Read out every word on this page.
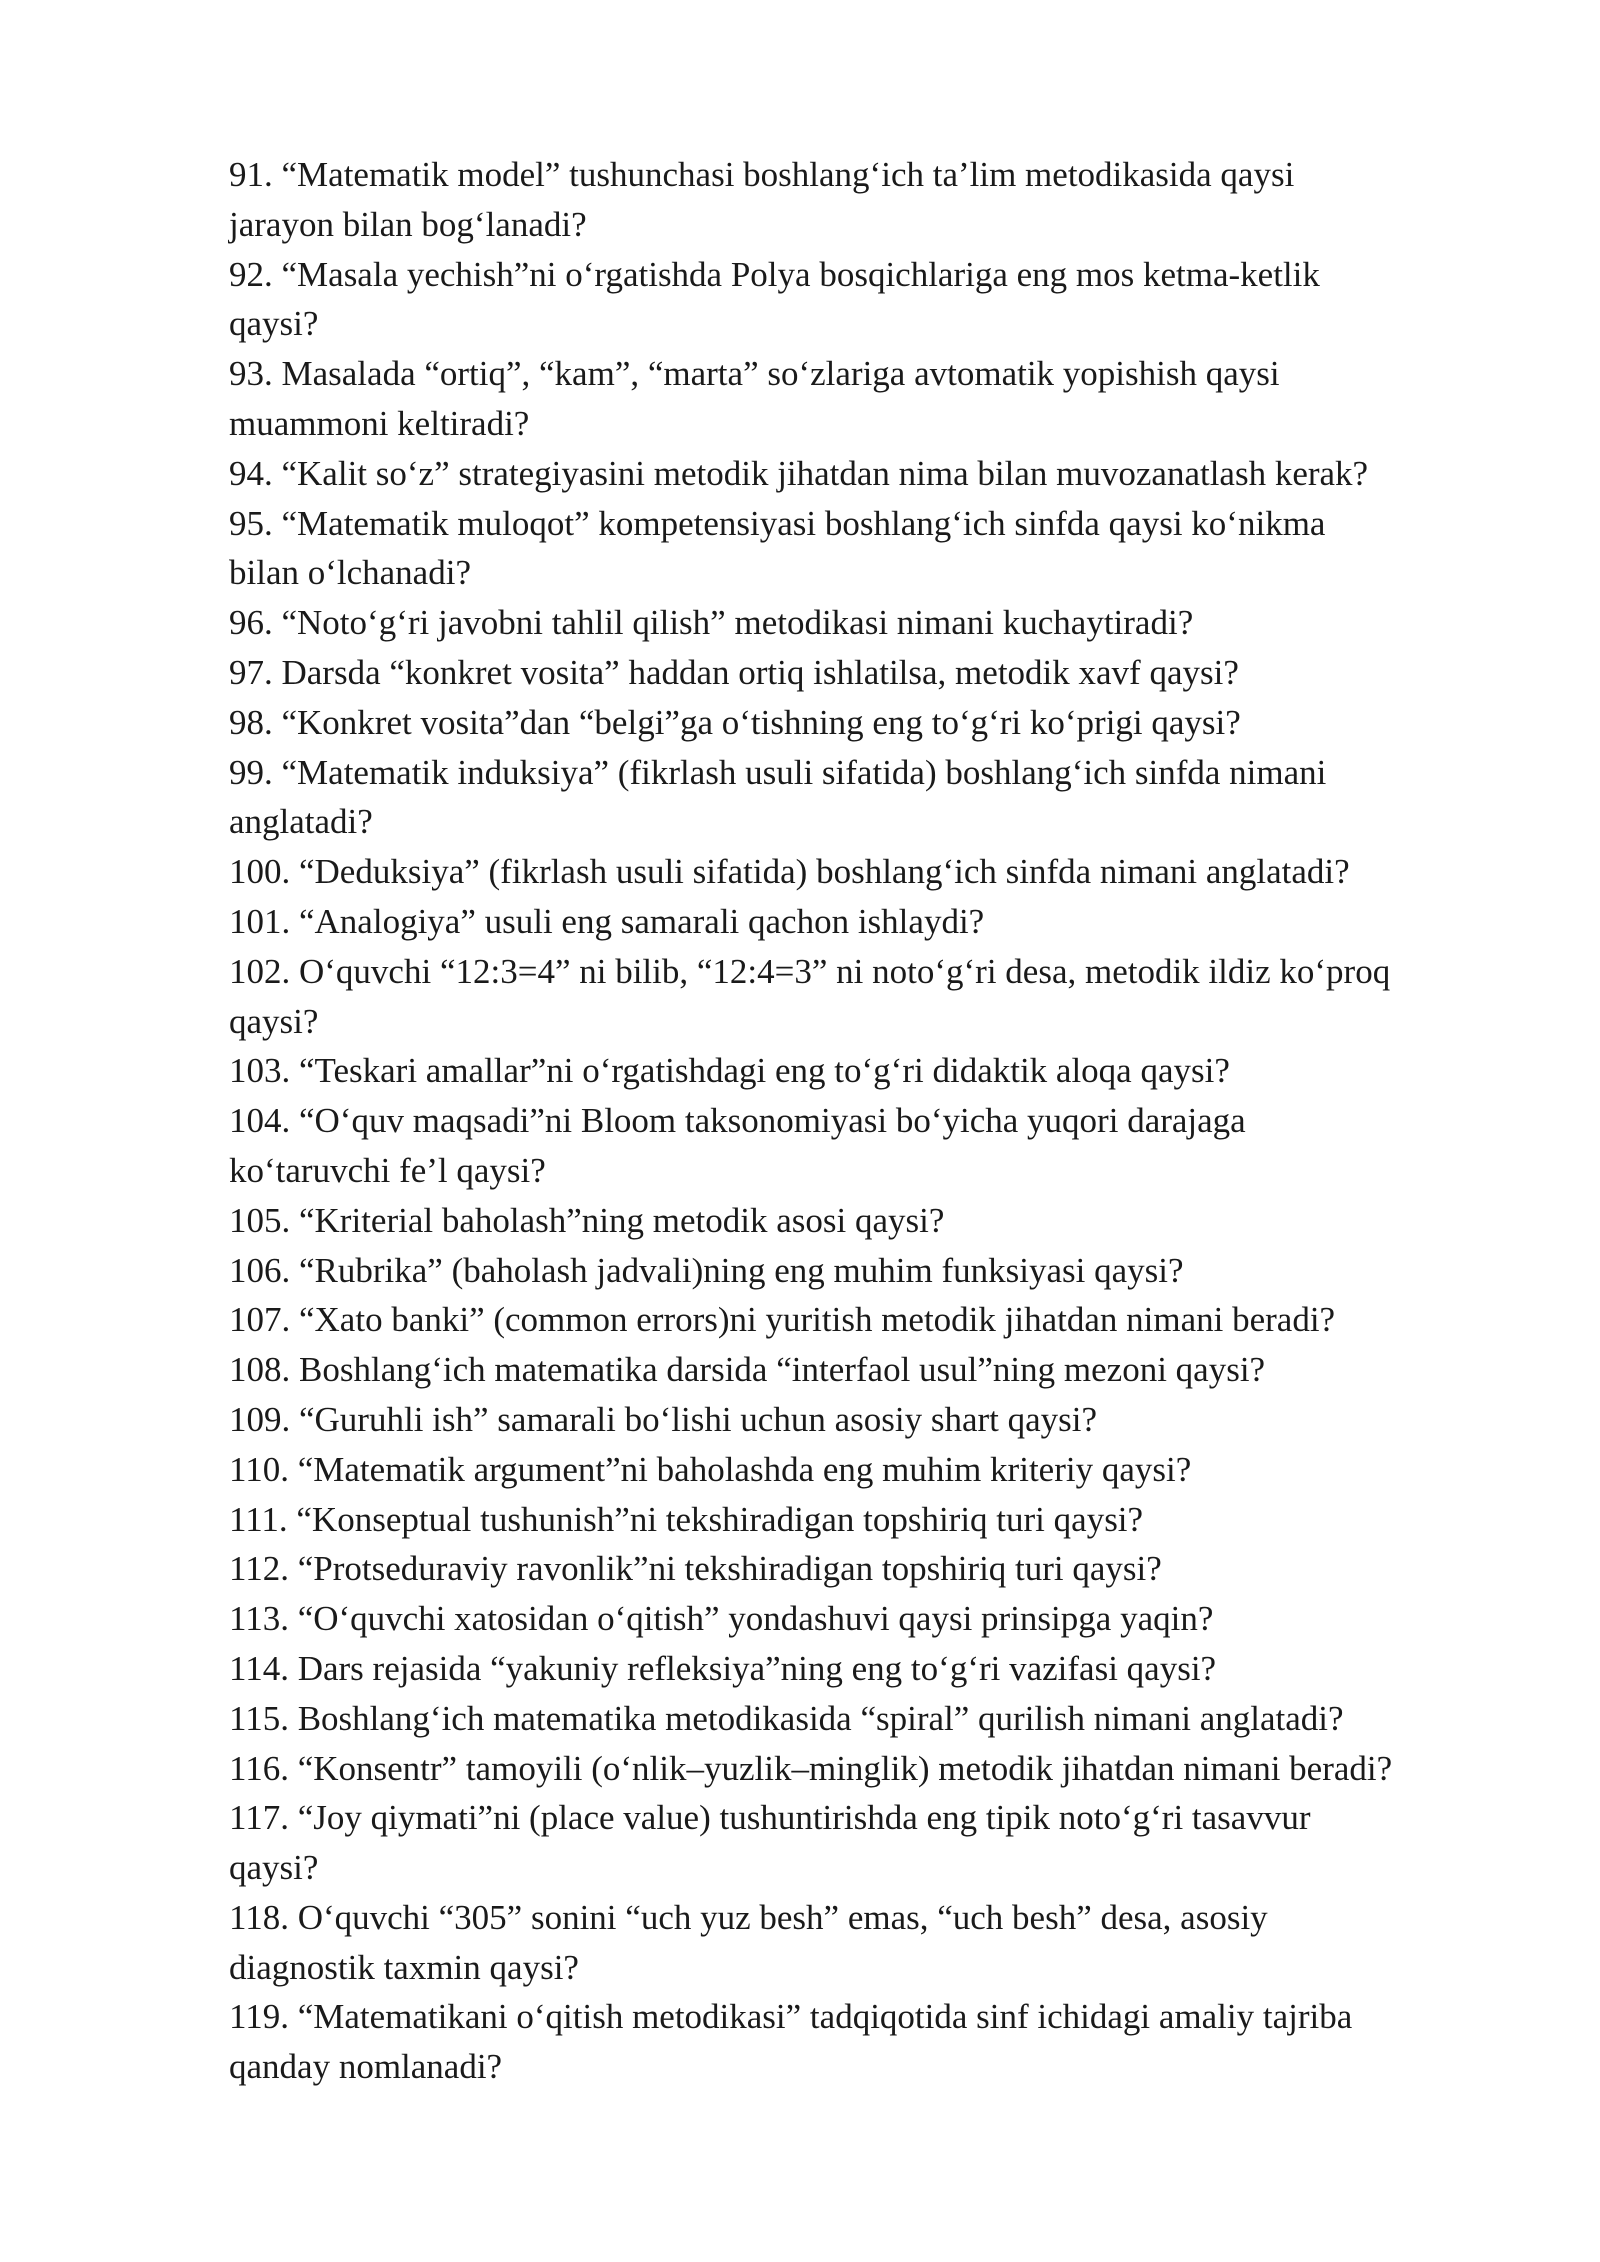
91. “Matematik model” tushunchasi boshlang‘ich ta’lim metodikasida qaysi
jarayon bilan bog‘lanadi?
92. “Masala yechish”ni o‘rgatishda Polya bosqichlariga eng mos ketma-ketlik
qaysi?
93. Masalada “ortiq”, “kam”, “marta” so‘zlariga avtomatik yopishish qaysi
muammoni keltiradi?
94. “Kalit so‘z” strategiyasini metodik jihatdan nima bilan muvozanatlash kerak?
95. “Matematik muloqot” kompetensiyasi boshlang‘ich sinfda qaysi ko‘nikma
bilan o‘lchanadi?
96. “Noto‘g‘ri javobni tahlil qilish” metodikasi nimani kuchaytiradi?
97. Darsda “konkret vosita” haddan ortiq ishlatilsa, metodik xavf qaysi?
98. “Konkret vosita”dan “belgi”ga o‘tishning eng to‘g‘ri ko‘prigi qaysi?
99. “Matematik induksiya” (fikrlash usuli sifatida) boshlang‘ich sinfda nimani
anglatadi?
100. “Deduksiya” (fikrlash usuli sifatida) boshlang‘ich sinfda nimani anglatadi?
101. “Analogiya” usuli eng samarali qachon ishlaydi?
102. O‘quvchi “12:3=4” ni bilib, “12:4=3” ni noto‘g‘ri desa, metodik ildiz ko‘proq
qaysi?
103. “Teskari amallar”ni o‘rgatishdagi eng to‘g‘ri didaktik aloqa qaysi?
104. “O‘quv maqsadi”ni Bloom taksonomiyasi bo‘yicha yuqori darajaga
ko‘taruvchi fe’l qaysi?
105. “Kriterial baholash”ning metodik asosi qaysi?
106. “Rubrika” (baholash jadvali)ning eng muhim funksiyasi qaysi?
107. “Xato banki” (common errors)ni yuritish metodik jihatdan nimani beradi?
108. Boshlang‘ich matematika darsida “interfaol usul”ning mezoni qaysi?
109. “Guruhli ish” samarali bo‘lishi uchun asosiy shart qaysi?
110. “Matematik argument”ni baholashda eng muhim kriteriy qaysi?
111. “Konseptual tushunish”ni tekshiradigan topshiriq turi qaysi?
112. “Protseduraviy ravonlik”ni tekshiradigan topshiriq turi qaysi?
113. “O‘quvchi xatosidan o‘qitish” yondashuvi qaysi prinsipga yaqin?
114. Dars rejasida “yakuniy refleksiya”ning eng to‘g‘ri vazifasi qaysi?
115. Boshlang‘ich matematika metodikasida “spiral” qurilish nimani anglatadi?
116. “Konsentr” tamoyili (o‘nlik–yuzlik–minglik) metodik jihatdan nimani beradi?
117. “Joy qiymati”ni (place value) tushuntirishda eng tipik noto‘g‘ri tasavvur
qaysi?
118. O‘quvchi “305” sonini “uch yuz besh” emas, “uch besh” desa, asosiy
diagnostik taxmin qaysi?
119. “Matematikani o‘qitish metodikasi” tadqiqotida sinf ichidagi amaliy tajriba
qanday nomlanadi?
